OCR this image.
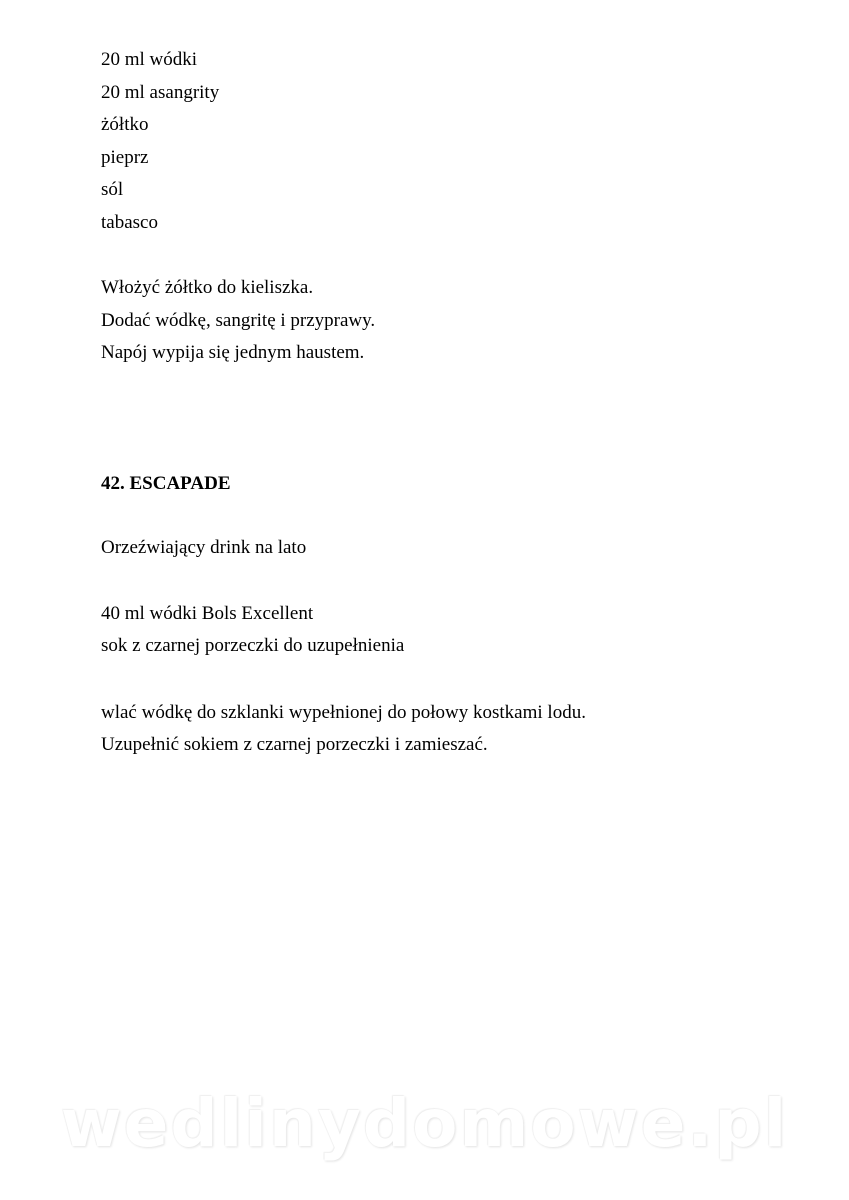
20 ml wódki
20 ml asangrity
żółtko
pieprz
sól
tabasco
Włożyć żółtko do kieliszka.
Dodać wódkę, sangritę i przyprawy.
Napój wypija się jednym haustem.
42. ESCAPADE
Orzeźwiający drink na lato
40 ml wódki Bols Excellent
sok z czarnej porzeczki do uzupełnienia
wlać wódkę do szklanki wypełnionej do połowy kostkami lodu.
Uzupełnić sokiem z czarnej porzeczki i zamieszać.
wedlinydomowe.pl
